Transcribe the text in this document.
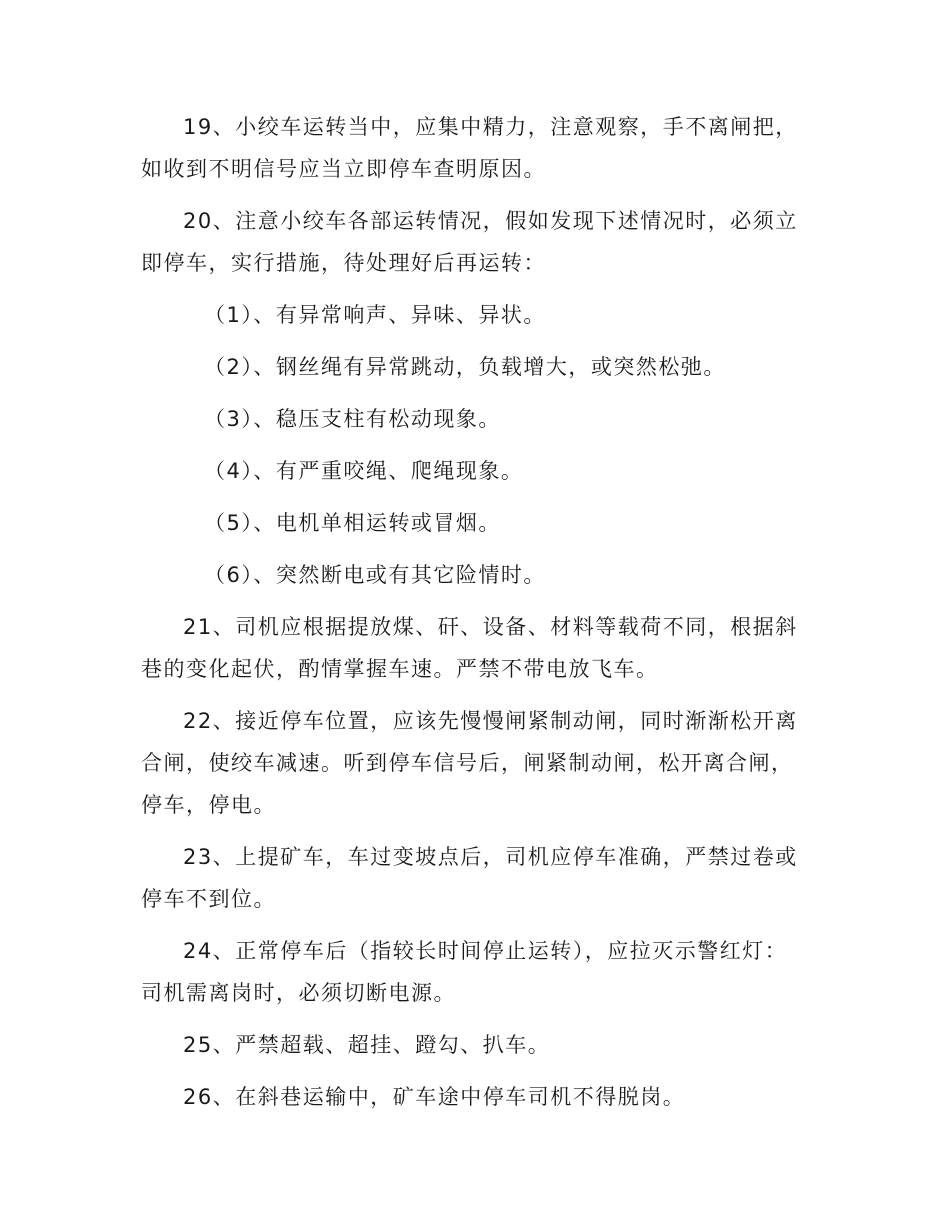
19、小绞车运转当中，应集中精力，注意观察，手不离闸把，如收到不明信号应当立即停车查明原因。

20、注意小绞车各部运转情况，假如发现下述情况时，必须立即停车，实行措施，待处理好后再运转：

（1）、有异常响声、异味、异状。

（2）、钢丝绳有异常跳动，负载增大，或突然松弛。

（3）、稳压支柱有松动现象。

（4）、有严重咬绳、爬绳现象。

（5）、电机单相运转或冒烟。

（6）、突然断电或有其它险情时。

21、司机应根据提放煤、矸、设备、材料等载荷不同，根据斜巷的变化起伏，酌情掌握车速。严禁不带电放飞车。

22、接近停车位置，应该先慢慢闸紧制动闸，同时渐渐松开离合闸，使绞车减速。听到停车信号后，闸紧制动闸，松开离合闸，停车，停电。

23、上提矿车，车过变坡点后，司机应停车准确，严禁过卷或停车不到位。

24、正常停车后（指较长时间停止运转），应拉灭示警红灯：司机需离岗时，必须切断电源。

25、严禁超载、超挂、蹬勾、扒车。

26、在斜巷运输中，矿车途中停车司机不得脱岗。
